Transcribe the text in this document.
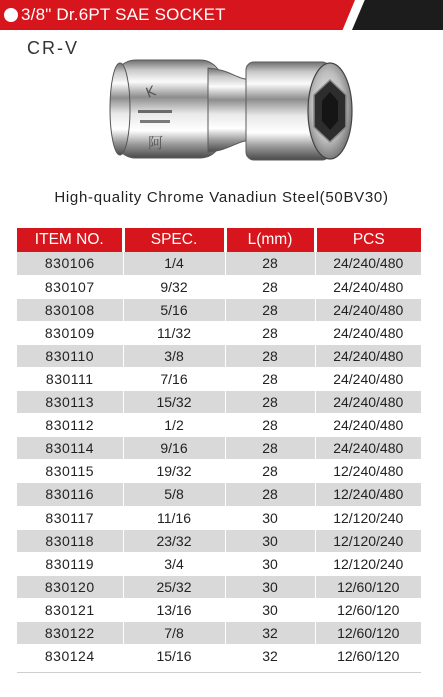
3/8" Dr.6PT SAE SOCKET
CR-V
K
阿
High-quality Chrome Vanadiun Steel(50BV30)
ITEM NO.	SPEC.	L(mm)	PCS
830106	1/4	28	24/240/480
830107	9/32	28	24/240/480
830108	5/16	28	24/240/480
830109	11/32	28	24/240/480
830110	3/8	28	24/240/480
830111	7/16	28	24/240/480
830113	15/32	28	24/240/480
830112	1/2	28	24/240/480
830114	9/16	28	24/240/480
830115	19/32	28	12/240/480
830116	5/8	28	12/240/480
830117	11/16	30	12/120/240
830118	23/32	30	12/120/240
830119	3/4	30	12/120/240
830120	25/32	30	12/60/120
830121	13/16	30	12/60/120
830122	7/8	32	12/60/120
830124	15/16	32	12/60/120
